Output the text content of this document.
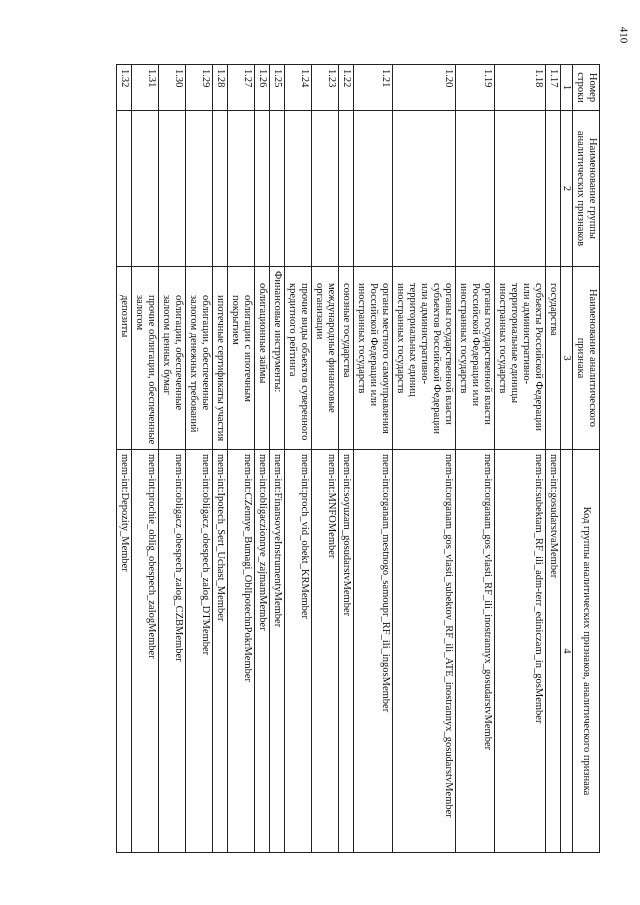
410
Номер строки	Наименование группы аналитических признаков	Наименование аналитического признака	Код группы аналитических признаков, аналитического признака
1	2	3	4
1.17		государства	mem-int:gosudarstvaMember
1.18		субъекты Российской Федерации или административно-территориальные единицы иностранных государств	mem-int:subektam_RF_ili_adm-terr_ediniczam_in_gosMember
1.19		органы государственной власти Российской Федерации или иностранных государств	mem-int:organam_gos_vlasti_RF_ili_inostrannyx_gosudarstvMember
1.20		органы государственной власти субъектов Российской Федерации или административно-территориальных единиц иностранных государств	mem-int:organam_gos_vlasti_subektov_RF_ili_ATE_inostrannyx_gosudarstvMember
1.21		органы местного самоуправления Российской Федерации или иностранных государств	mem-int:organam_mestnogo_samoupr_RF_ili_ingosMember
1.22		союзные государства	mem-int:soyuzam_gosudarstvMember
1.23		международные финансовые организации	mem-int:MNFOMember
1.24		прочие виды объектов суверенного кредитного рейтинга	mem-int:proch_vid_obekt_KRMember
1.25		Финансовые инструменты:	mem-int:FinansovyeInstrumentyMember
1.26		облигационные займы	mem-int:obligaczionnye_zajmamMember
1.27		облигации с ипотечным покрытием	mem-int:CZennye_Bumagi_ObllpotechnPokrMember
1.28		ипотечные сертификаты участия	mem-int:Ipotech_Sert_Uchast_Member
1.29		облигации, обеспеченные залогом денежных требований	mem-int:obligacz_obespech_zalog_DTMember
1.30		облигации, обеспеченные залогом ценных бумаг	mem-int:obligacz_obespech_zalog_CZBMember
1.31		прочие облигации, обеспеченные залогом	mem-int:prochie_oblig_obespech_zalogMember
1.32		депозиты	mem-int:Depozity_Member
